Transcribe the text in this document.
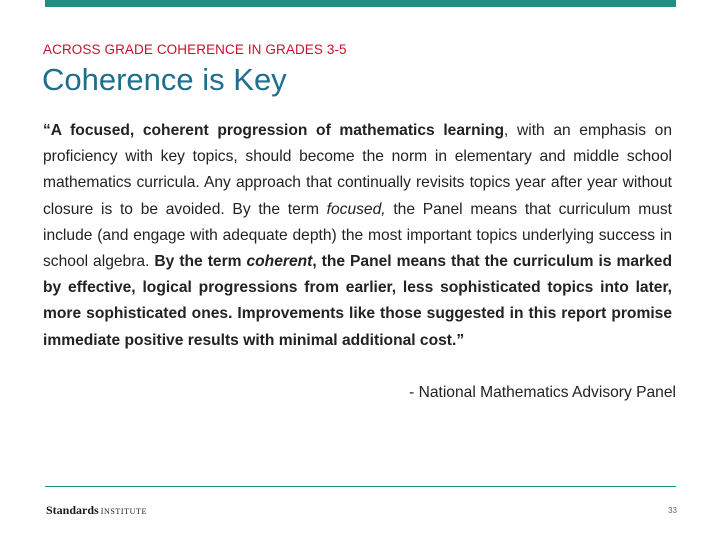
ACROSS GRADE COHERENCE IN GRADES 3-5
Coherence is Key

“A focused, coherent progression of mathematics learning, with an emphasis on proficiency with key topics, should become the norm in elementary and middle school mathematics curricula. Any approach that continually revisits topics year after year without closure is to be avoided. By the term focused, the Panel means that curriculum must include (and engage with adequate depth) the most important topics underlying success in school algebra. By the term coherent, the Panel means that the curriculum is marked by effective, logical progressions from earlier, less sophisticated topics into later, more sophisticated ones. Improvements like those suggested in this report promise immediate positive results with minimal additional cost.”

- National Mathematics Advisory Panel
Standards INSTITUTE	33
